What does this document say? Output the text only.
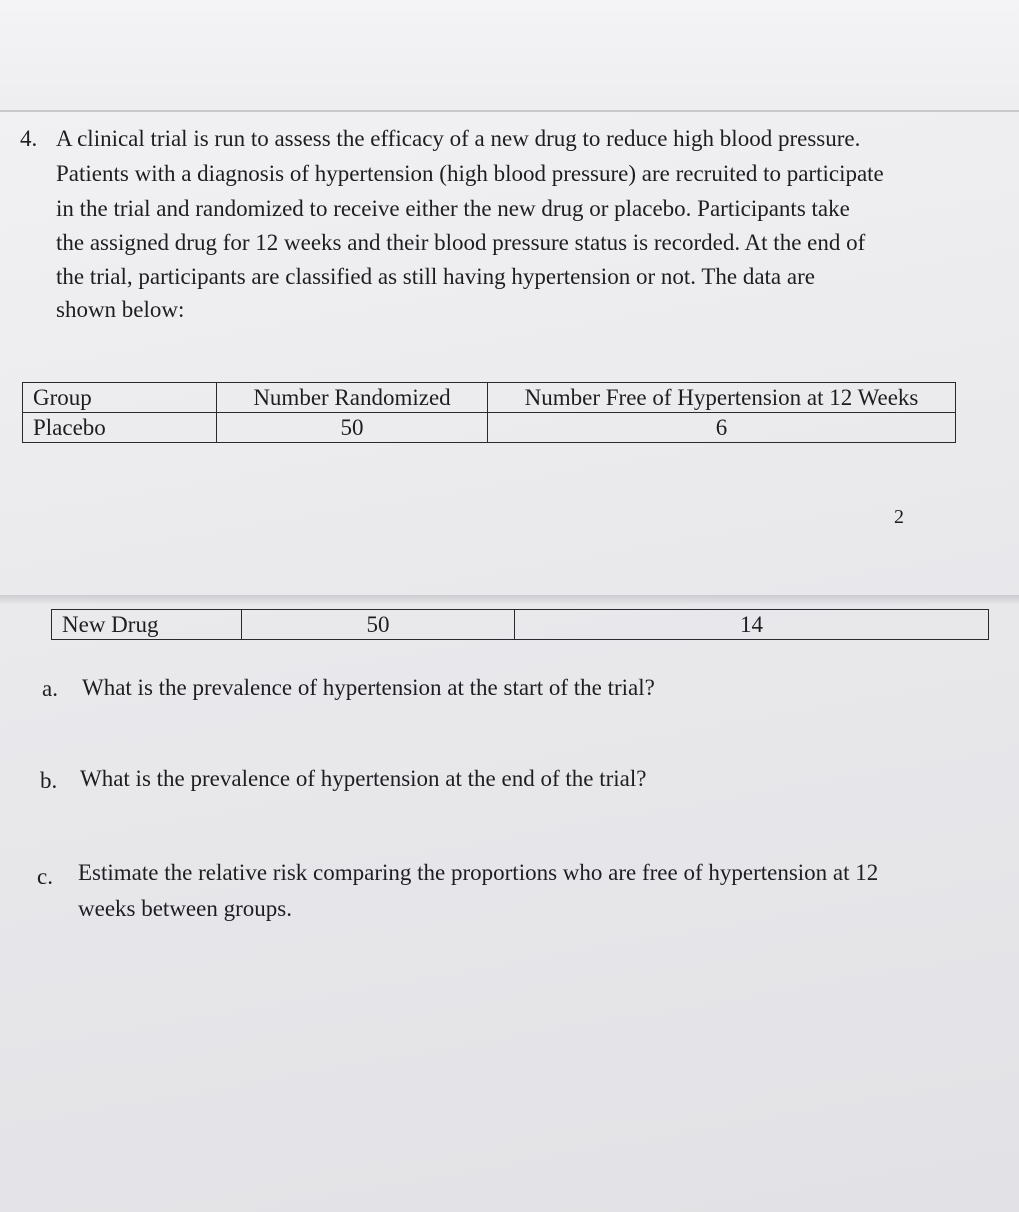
4. A clinical trial is run to assess the efficacy of a new drug to reduce high blood pressure.
Patients with a diagnosis of hypertension (high blood pressure) are recruited to participate
in the trial and randomized to receive either the new drug or placebo. Participants take
the assigned drug for 12 weeks and their blood pressure status is recorded. At the end of
the trial, participants are classified as still having hypertension or not. The data are
shown below:
Group	Number Randomized	Number Free of Hypertension at 12 Weeks
Placebo	50	6
2
New Drug	50	14
a. What is the prevalence of hypertension at the start of the trial?
b. What is the prevalence of hypertension at the end of the trial?
c. Estimate the relative risk comparing the proportions who are free of hypertension at 12
weeks between groups.
